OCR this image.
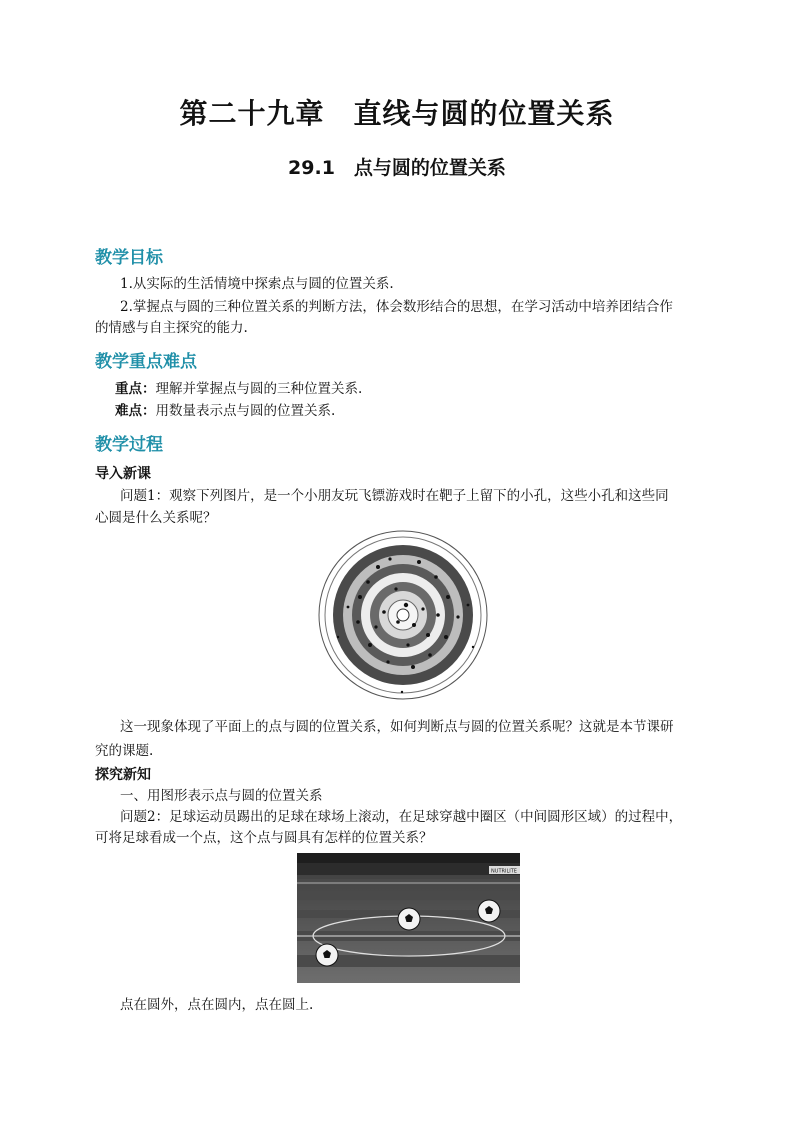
第二十九章　直线与圆的位置关系
29.1　点与圆的位置关系
教学目标
1.从实际的生活情境中探索点与圆的位置关系.
2.掌握点与圆的三种位置关系的判断方法，体会数形结合的思想，在学习活动中培养团结合作
的情感与自主探究的能力.
教学重点难点
重点：理解并掌握点与圆的三种位置关系.
难点：用数量表示点与圆的位置关系.
教学过程
导入新课
问题1：观察下列图片，是一个小朋友玩飞镖游戏时在靶子上留下的小孔，这些小孔和这些同
心圆是什么关系呢？
这一现象体现了平面上的点与圆的位置关系，如何判断点与圆的位置关系呢？这就是本节课研
究的课题.
探究新知
一、用图形表示点与圆的位置关系
问题2：足球运动员踢出的足球在球场上滚动，在足球穿越中圈区（中间圆形区域）的过程中，
可将足球看成一个点，这个点与圆具有怎样的位置关系？
NUTRILITE
点在圆外，点在圆内，点在圆上.
